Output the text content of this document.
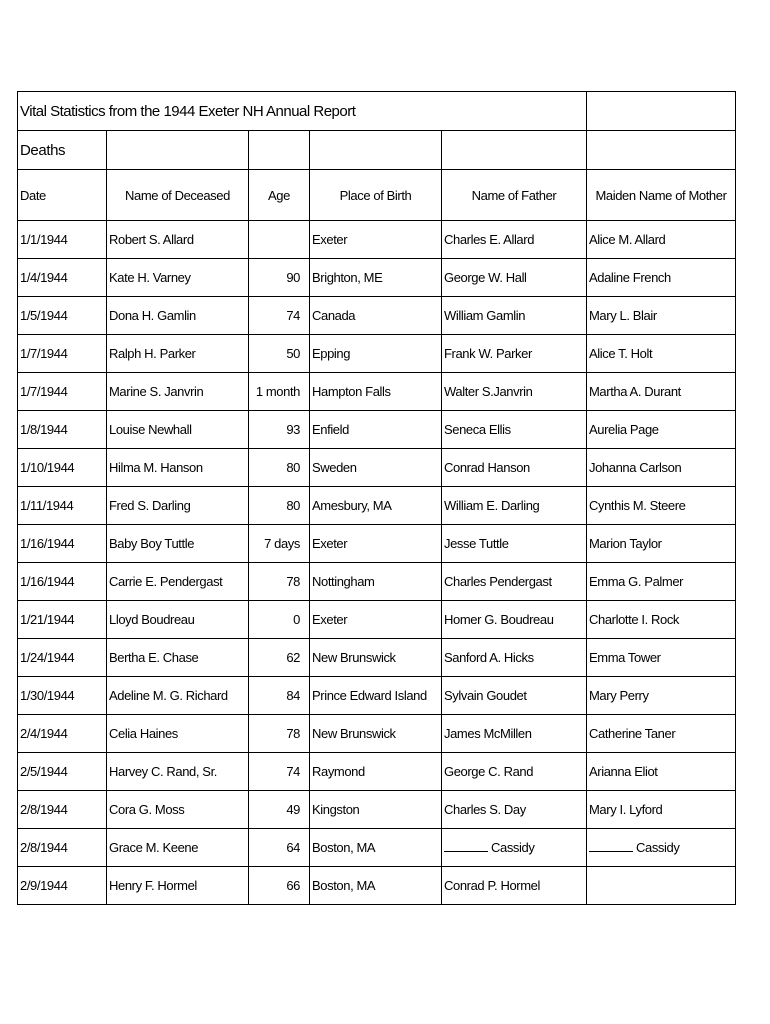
Vital Statistics from the 1944 Exeter NH Annual Report					
Deaths					
Date	Name of Deceased	Age	Place of Birth	Name of Father	Maiden Name of Mother
1/1/1944	Robert S. Allard		Exeter	Charles E. Allard	Alice M. Allard
1/4/1944	Kate H. Varney	90	Brighton, ME	George W. Hall	Adaline French
1/5/1944	Dona H. Gamlin	74	Canada	William Gamlin	Mary L. Blair
1/7/1944	Ralph H. Parker	50	Epping	Frank W. Parker	Alice T. Holt
1/7/1944	Marine S. Janvrin	1 month	Hampton Falls	Walter S.Janvrin	Martha A. Durant
1/8/1944	Louise Newhall	93	Enfield	Seneca Ellis	Aurelia Page
1/10/1944	Hilma M. Hanson	80	Sweden	Conrad Hanson	Johanna Carlson
1/11/1944	Fred S. Darling	80	Amesbury, MA	William E. Darling	Cynthis M. Steere
1/16/1944	Baby Boy Tuttle	7 days	Exeter	Jesse Tuttle	Marion Taylor
1/16/1944	Carrie E. Pendergast	78	Nottingham	Charles Pendergast	Emma G. Palmer
1/21/1944	Lloyd Boudreau	0	Exeter	Homer G. Boudreau	Charlotte I. Rock
1/24/1944	Bertha E. Chase	62	New Brunswick	Sanford A. Hicks	Emma Tower
1/30/1944	Adeline M. G. Richard	84	Prince Edward Island	Sylvain Goudet	Mary Perry
2/4/1944	Celia Haines	78	New Brunswick	James McMillen	Catherine Taner
2/5/1944	Harvey C. Rand, Sr.	74	Raymond	George C. Rand	Arianna Eliot
2/8/1944	Cora G. Moss	49	Kingston	Charles S. Day	Mary I. Lyford
2/8/1944	Grace M. Keene	64	Boston, MA	Cassidy	Cassidy
2/9/1944	Henry F. Hormel	66	Boston, MA	Conrad P. Hormel	
